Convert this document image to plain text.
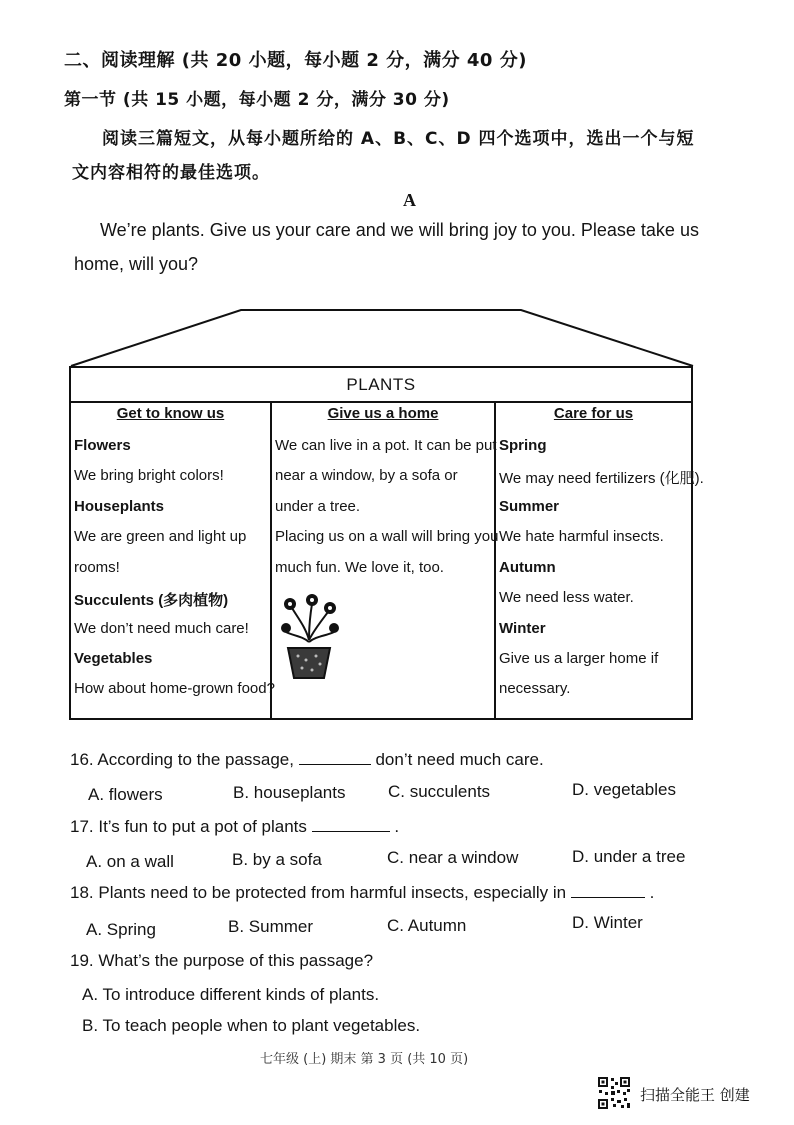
二、阅读理解 (共 20 小题，每小题 2 分，满分 40 分)
第一节 (共 15 小题，每小题 2 分，满分 30 分)
阅读三篇短文，从每小题所给的 A、B、C、D 四个选项中，选出一个与短
文内容相符的最佳选项。
A
We’re plants. Give us your care and we will bring joy to you. Please take us
home, will you?
PLANTS
Get to know us
Flowers
We bring bright colors!
Houseplants
We are green and light up
rooms!
Succulents (多肉植物)
We don’t need much care!
Vegetables
How about home-grown food?
Give us a home
We can live in a pot. It can be put
near a window, by a sofa or
under a tree.
Placing us on a wall will bring you
much fun. We love it, too.
Care for us
Spring
We may need fertilizers (化肥).
Summer
We hate harmful insects.
Autumn
We need less water.
Winter
Give us a larger home if
necessary.
16. According to the passage,	don’t need much care.
A. flowers	B. houseplants	C. succulents	D. vegetables
17. It’s fun to put a pot of plants	.
A. on a wall	B. by a sofa	C. near a window	D. under a tree
18. Plants need to be protected from harmful insects, especially in	.
A. Spring	B. Summer	C. Autumn	D. Winter
19. What’s the purpose of this passage?
A. To introduce different kinds of plants.
B. To teach people when to plant vegetables.
七年级 (上) 期末 第 3 页 (共 10 页)
扫描全能王 创建
